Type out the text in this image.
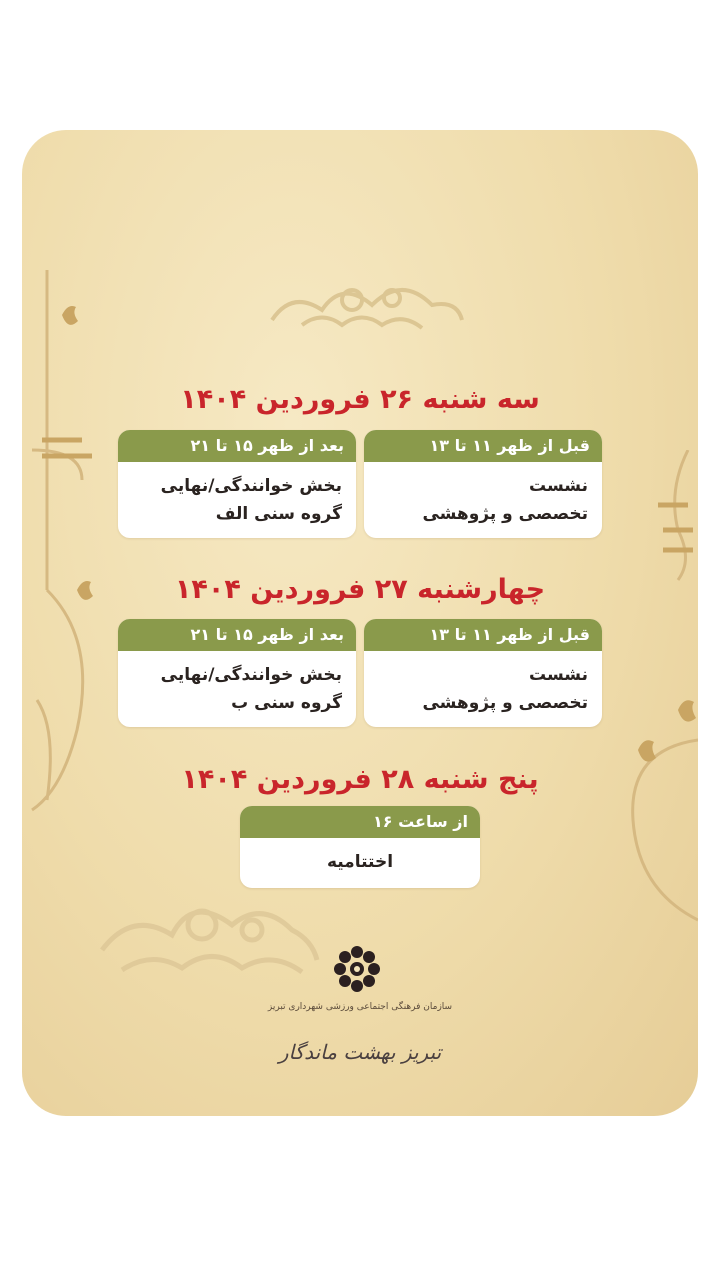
سه شنبه ۲۶ فروردین ۱۴۰۴
قبل از ظهر ۱۱ تا ۱۳
نشست
تخصصی و پژوهشی
بعد از ظهر ۱۵ تا ۲۱
بخش خوانندگی/نهایی
گروه سنی الف
چهارشنبه ۲۷ فروردین ۱۴۰۴
قبل از ظهر ۱۱ تا ۱۳
نشست
تخصصی و پژوهشی
بعد از ظهر ۱۵ تا ۲۱
بخش خوانندگی/نهایی
گروه سنی ب
پنج شنبه ۲۸ فروردین ۱۴۰۴
از ساعت ۱۶
اختتامیه
سازمان فرهنگی اجتماعی ورزشی شهرداری تبریز
تبریز بهشت ماندگار
